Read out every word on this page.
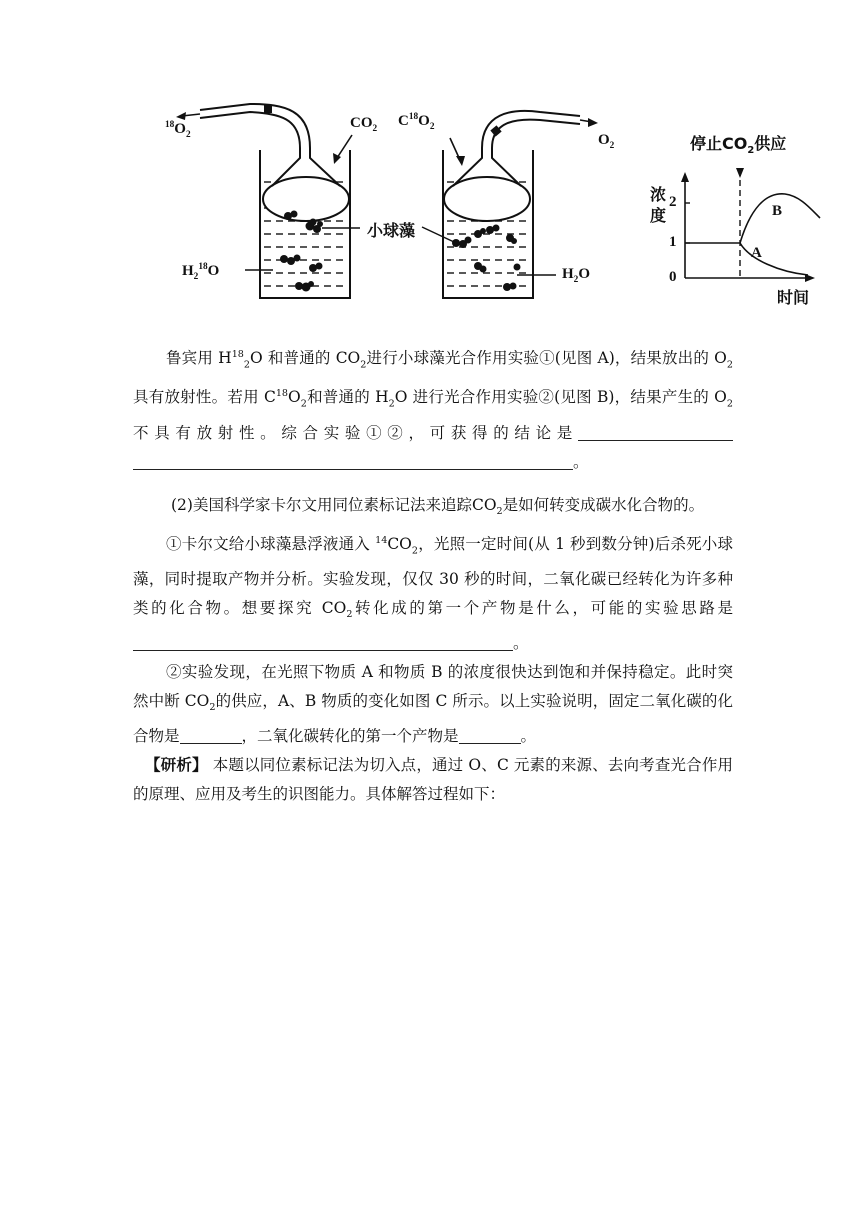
$^{18}O_2$
$CO_2$
$H_2^{18}O$
小球藻
$C^{18}O_2$
$O_2$
$H_2O$
停止$CO_2$供应
浓
度
2
1
0
A
B
时间

鲁宾用 $H^{18}_2O$ 和普通的 $CO_2$进行小球藻光合作用实验①(见图 A)，结果放出的 $O_2$具有放射性。若用 $C^{18}O_2$和普通的 $H_2O$ 进行光合作用实验②(见图 B)，结果产生的 $O_2$不具有放射性。综合实验①②，可获得的结论是 。

(2)美国科学家卡尔文用同位素标记法来追踪$CO_2$是如何转变成碳水化合物的。

①卡尔文给小球藻悬浮液通入 $^{14}CO_2$，光照一定时间(从 1 秒到数分钟)后杀死小球藻，同时提取产物并分析。实验发现，仅仅 30 秒的时间，二氧化碳已经转化为许多种类的化合物。想要探究 $CO_2$转化成的第一个产物是什么，可能的实验思路是。

②实验发现，在光照下物质 A 和物质 B 的浓度很快达到饱和并保持稳定。此时突然中断 $CO_2$的供应，A、B 物质的变化如图 C 所示。以上实验说明，固定二氧化碳的化合物是	，二氧化碳转化的第一个产物是	。

【研析】 本题以同位素标记法为切入点，通过 O、C 元素的来源、去向考查光合作用的原理、应用及考生的识图能力。具体解答过程如下：
